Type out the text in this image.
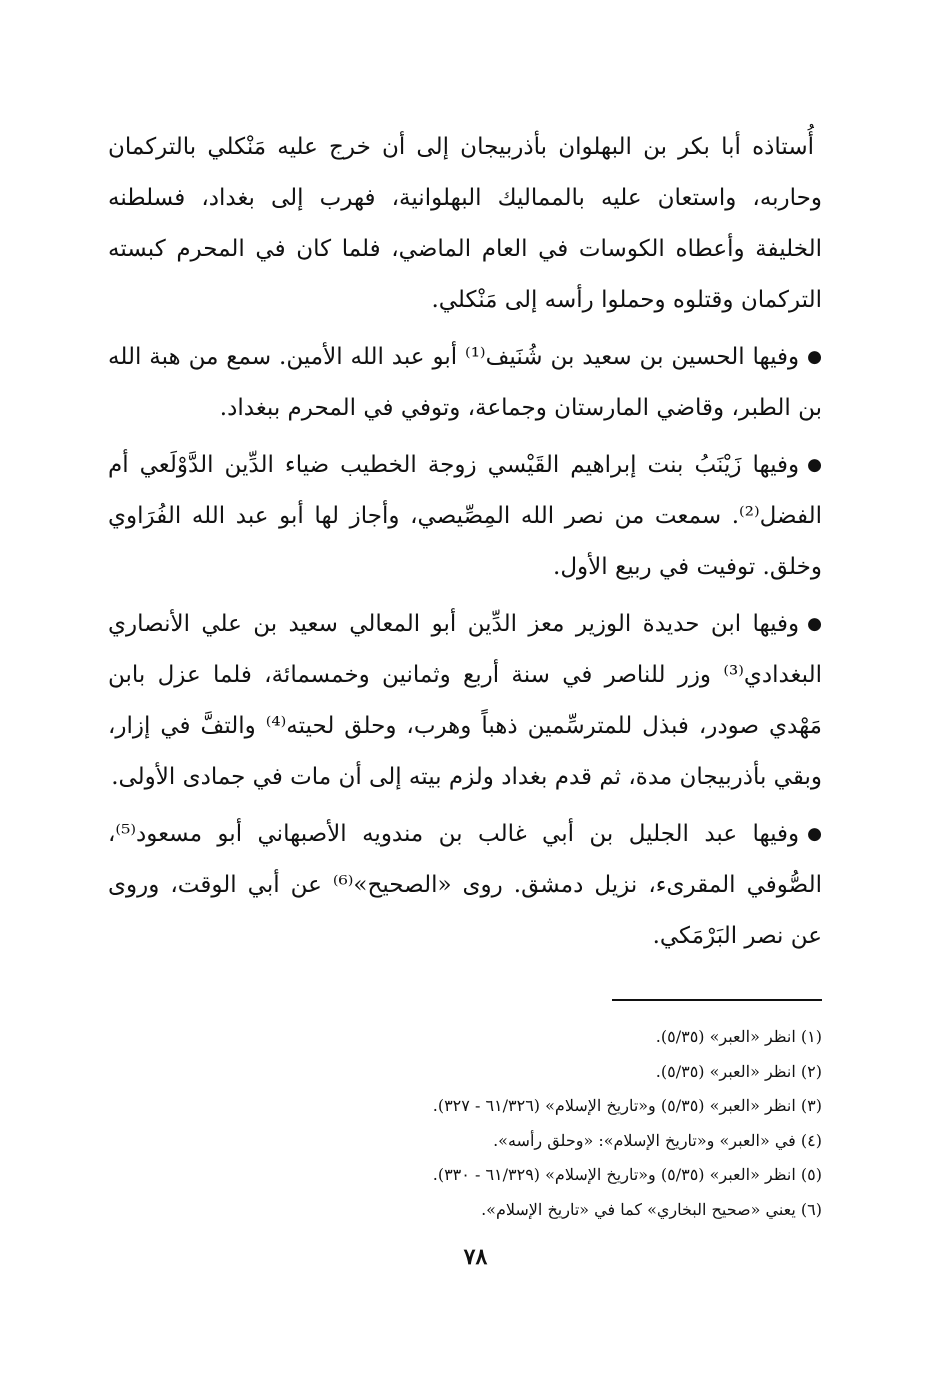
أُستاذه أبا بكر بن البهلوان بأذربيجان إلى أن خرج عليه مَنْكلي بالتركمان وحاربه، واستعان عليه بالمماليك البهلوانية، فهرب إلى بغداد، فسلطنه الخليفة وأعطاه الكوسات في العام الماضي، فلما كان في المحرم كبسته التركمان وقتلوه وحملوا رأسه إلى مَنْكلي.

●وفيها الحسين بن سعيد بن شُنَيف⁽¹⁾ أبو عبد الله الأمين. سمع من هبة الله بن الطبر، وقاضي المارستان وجماعة، وتوفي في المحرم ببغداد.

●وفيها زَيْنَبُ بنت إبراهيم القَيْسي زوجة الخطيب ضياء الدِّين الدَّوْلَعي أم الفضل⁽²⁾. سمعت من نصر الله المِصِّيصي، وأجاز لها أبو عبد الله الفُرَاوي وخلق. توفيت في ربيع الأول.

●وفيها ابن حديدة الوزير معز الدِّين أبو المعالي سعيد بن علي الأنصاري البغدادي⁽³⁾ وزر للناصر في سنة أربع وثمانين وخمسمائة، فلما عزل بابن مَهْدي صودر، فبذل للمترسِّمين ذهباً وهرب، وحلق لحيته⁽⁴⁾ والتفَّ في إزار، وبقي بأذربيجان مدة، ثم قدم بغداد ولزم بيته إلى أن مات في جمادى الأولى.

●وفيها عبد الجليل بن أبي غالب بن مندويه الأصبهاني أبو مسعود⁽⁵⁾، الصُّوفي المقرىء، نزيل دمشق. روى «الصحيح»⁽⁶⁾ عن أبي الوقت، وروى عن نصر البَرْمَكي.

(١) انظر «العبر» (٥/٣٥).
(٢) انظر «العبر» (٥/٣٥).
(٣) انظر «العبر» (٥/٣٥) و«تاريخ الإسلام» (٦١/٣٢٦ - ٣٢٧).
(٤) في «العبر» و«تاريخ الإسلام»: «وحلق رأسه».
(٥) انظر «العبر» (٥/٣٥) و«تاريخ الإسلام» (٦١/٣٢٩ - ٣٣٠).
(٦) يعني «صحيح البخاري» كما في «تاريخ الإسلام».
٧٨
